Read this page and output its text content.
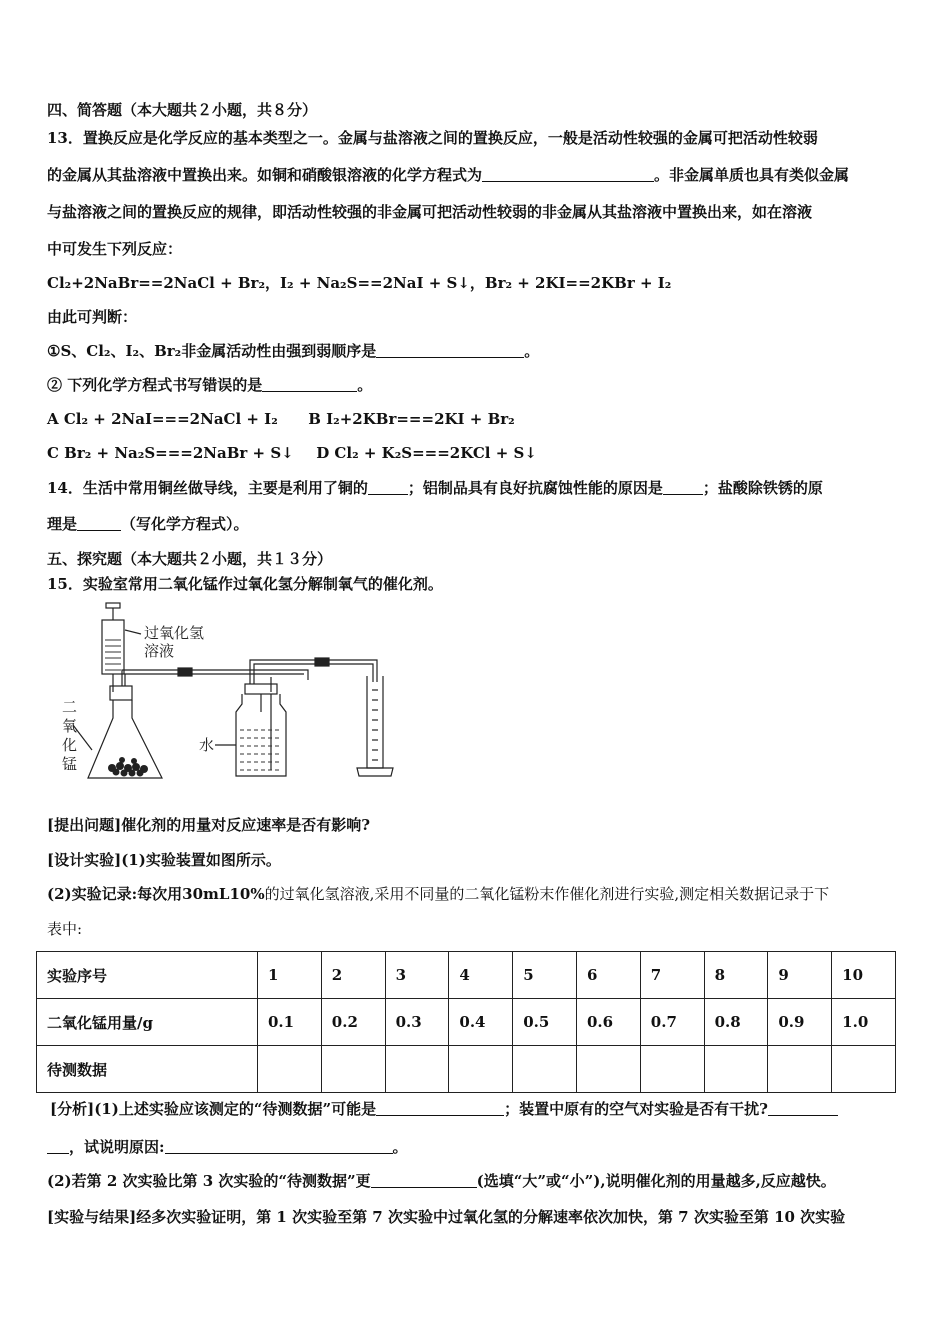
四、简答题（本大题共２小题，共８分）
13．置换反应是化学反应的基本类型之一。金属与盐溶液之间的置换反应，一般是活动性较强的金属可把活动性较弱
的金属从其盐溶液中置换出来。如铜和硝酸银溶液的化学方程式为	。非金属单质也具有类似金属
与盐溶液之间的置换反应的规律，即活动性较强的非金属可把活动性较弱的非金属从其盐溶液中置换出来，如在溶液
中可发生下列反应：
Cl₂+2NaBr==2NaCl + Br₂，I₂ + Na₂S==2NaI + S↓，Br₂ + 2KI==2KBr + I₂
由此可判断：
①S、Cl₂、I₂、Br₂非金属活动性由强到弱顺序是	。
② 下列化学方程式书写错误的是	。
A Cl₂ + 2NaI===2NaCl + I₂ B I₂+2KBr===2KI + Br₂
C Br₂ + Na₂S===2NaBr + S↓ D Cl₂ + K₂S===2KCl + S↓
14．生活中常用铜丝做导线，主要是利用了铜的	；铝制品具有良好抗腐蚀性能的原因是	；盐酸除铁锈的原
理是	（写化学方程式）。
五、探究题（本大题共２小题，共１３分）
15．实验室常用二氧化锰作过氧化氢分解制氧气的催化剂。
过氧化氢
溶液
水
二
氧
化
锰
[提出问题]催化剂的用量对反应速率是否有影响?
[设计实验](1)实验装置如图所示。
(2)实验记录:每次用30mL10%的过氧化氢溶液,采用不同量的二氧化锰粉末作催化剂进行实验,测定相关数据记录于下
表中:
实验序号	1	2	3	4	5	6	7	8	9	10
二氧化锰用量/g	0.1	0.2	0.3	0.4	0.5	0.6	0.7	0.8	0.9	1.0
待测数据										
[分析](1)上述实验应该测定的“待测数据”可能是	；装置中原有的空气对实验是否有干扰?
，试说明原因:	。
(2)若第 2 次实验比第 3 次实验的“待测数据”更	(选填“大”或“小”),说明催化剂的用量越多,反应越快。
[实验与结果]经多次实验证明，第 1 次实验至第 7 次实验中过氧化氢的分解速率依次加快，第 7 次实验至第 10 次实验
